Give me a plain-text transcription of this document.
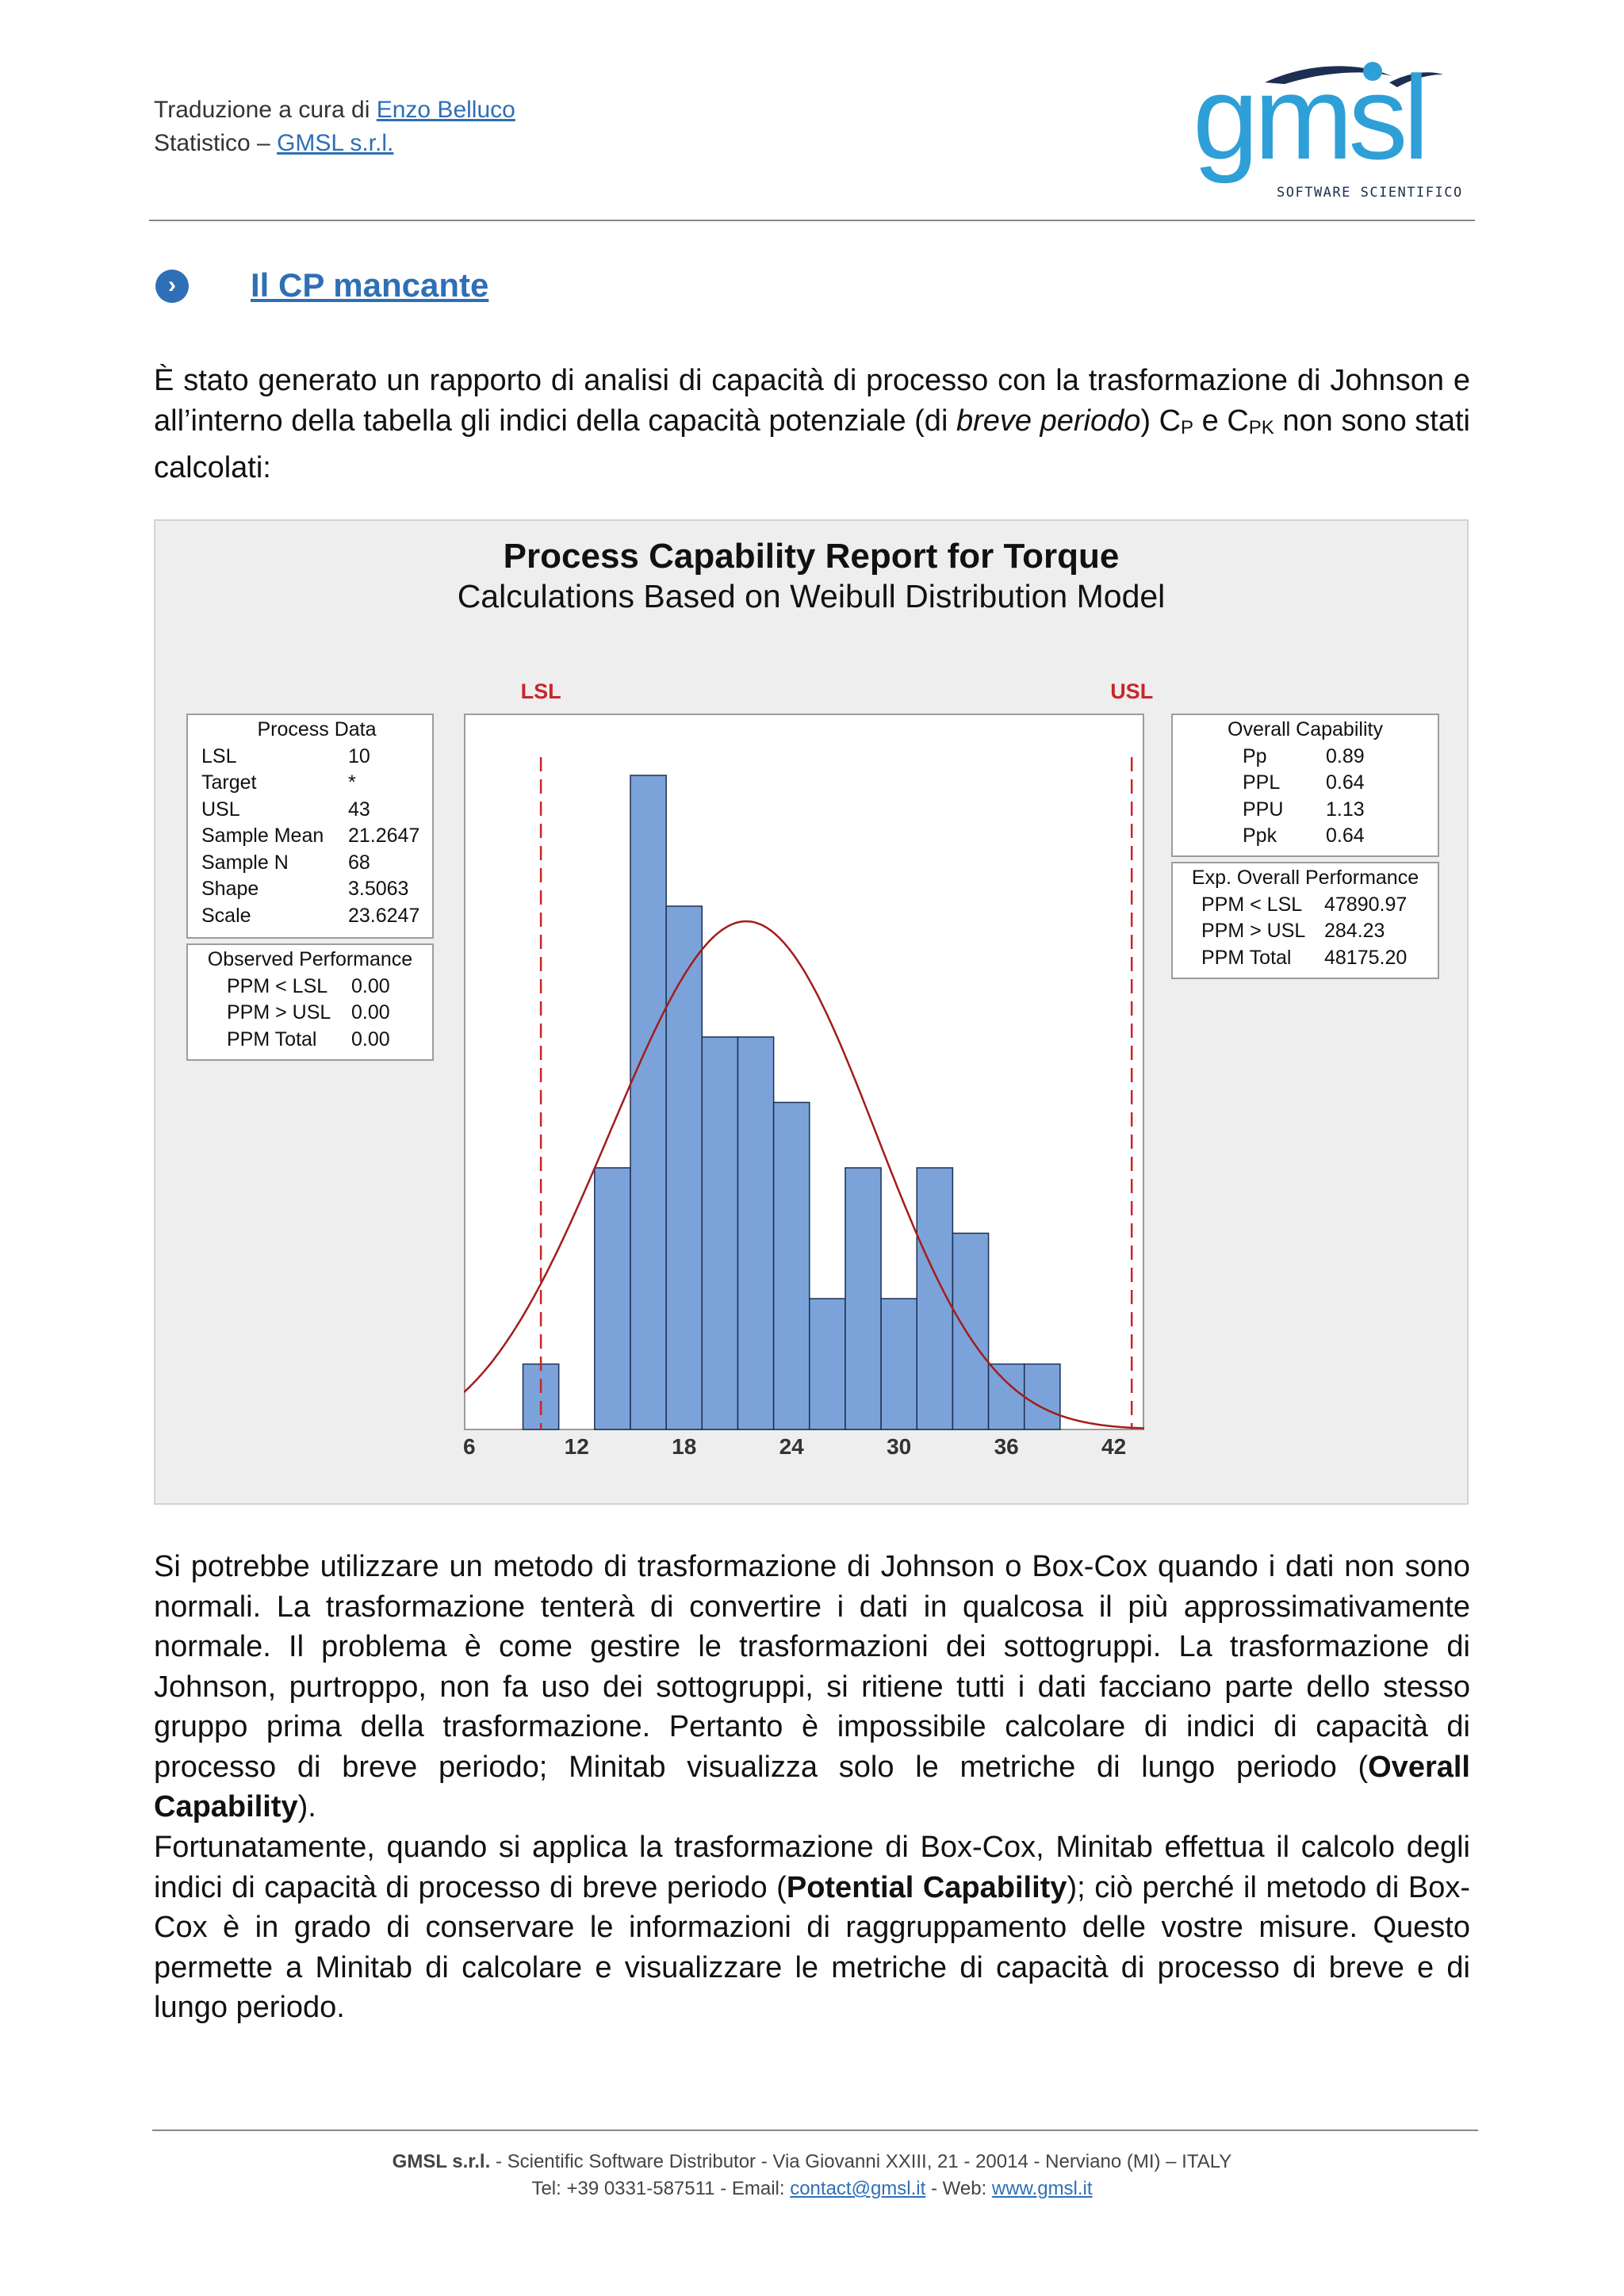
Traduzione a cura di Enzo Belluco
Statistico – GMSL s.r.l.	gmsl
SOFTWARE SCIENTIFICO
›	Il CP mancante
È stato generato un rapporto di analisi di capacità di processo con la trasformazione di Johnson e all’interno della tabella gli indici della capacità potenziale (di breve periodo) $C_P$ e $C_{PK}$ non sono stati calcolati:
Process Capability Report for Torque
Calculations Based on Weibull Distribution Model
Process Data
LSL	10
Target	*
USL	43
Sample Mean	21.2647
Sample N	68
Shape	3.5063
Scale	23.6247
Observed Performance
PPM < LSL	0.00
PPM > USL	0.00
PPM Total	0.00
Overall Capability
Pp	0.89
PPL	0.64
PPU	1.13
Ppk	0.64
Exp. Overall Performance
PPM < LSL	47890.97
PPM > USL	284.23
PPM Total	48175.20
LSL	USL
6	12	18	24	30	36	42
Si potrebbe utilizzare un metodo di trasformazione di Johnson o Box-Cox quando i dati non sono normali. La trasformazione tenterà di convertire i dati in qualcosa il più approssimativamente normale. Il problema è come gestire le trasformazioni dei sottogruppi. La trasformazione di Johnson, purtroppo, non fa uso dei sottogruppi, si ritiene tutti i dati facciano parte dello stesso gruppo prima della trasformazione. Pertanto è impossibile calcolare di indici di capacità di processo di breve periodo; Minitab visualizza solo le metriche di lungo periodo (Overall Capability).
Fortunatamente, quando si applica la trasformazione di Box-Cox, Minitab effettua il calcolo degli indici di capacità di processo di breve periodo (Potential Capability); ciò perché il metodo di Box-Cox è in grado di conservare le informazioni di raggruppamento delle vostre misure. Questo permette a Minitab di calcolare e visualizzare le metriche di capacità di processo di breve e di lungo periodo.
GMSL s.r.l. - Scientific Software Distributor - Via Giovanni XXIII, 21 - 20014 - Nerviano (MI) – ITALY
Tel: +39 0331-587511 - Email: contact@gmsl.it - Web: www.gmsl.it
